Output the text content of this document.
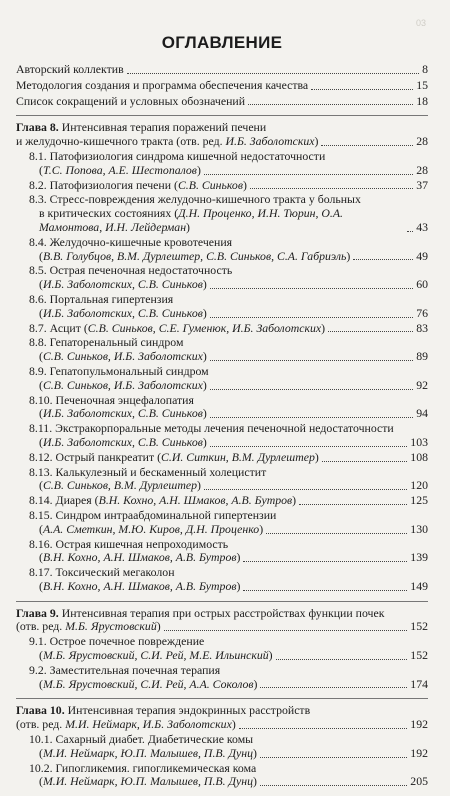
03
ОГЛАВЛЕНИЕ
Авторский коллектив	8
Методология создания и программа обеспечения качества	15
Список сокращений и условных обозначений	18
Глава 8. Интенсивная терапия поражений печени
и желудочно-кишечного тракта (отв. ред. И.Б. Заболотских)	28
8.1. Патофизиология синдрома кишечной недостаточности
(Т.С. Попова, А.Е. Шестопалов)	28
8.2. Патофизиология печени (С.В. Синьков)	37
8.3. Стресс-повреждения желудочно-кишечного тракта у больных
в критических состояниях (Д.Н. Проценко, И.Н. Тюрин, О.А. Мамонтова, И.Н. Лейдерман)	43
8.4. Желудочно-кишечные кровотечения
(В.В. Голубцов, В.М. Дурлештер, С.В. Синьков, С.А. Габриэль)	49
8.5. Острая печеночная недостаточность
(И.Б. Заболотских, С.В. Синьков)	60
8.6. Портальная гипертензия
(И.Б. Заболотских, С.В. Синьков)	76
8.7. Асцит (С.В. Синьков, С.Е. Гуменюк, И.Б. Заболотских)	83
8.8. Гепаторенальный синдром
(С.В. Синьков, И.Б. Заболотских)	89
8.9. Гепатопульмональный синдром
(С.В. Синьков, И.Б. Заболотских)	92
8.10. Печеночная энцефалопатия
(И.Б. Заболотских, С.В. Синьков)	94
8.11. Экстракорпоральные методы лечения печеночной недостаточности
(И.Б. Заболотских, С.В. Синьков)	103
8.12. Острый панкреатит (С.И. Ситкин, В.М. Дурлештер)	108
8.13. Калькулезный и бескаменный холецистит
(С.В. Синьков, В.М. Дурлештер)	120
8.14. Диарея (В.Н. Кохно, А.Н. Шмаков, А.В. Бутров)	125
8.15. Синдром интраабдоминальной гипертензии
(А.А. Сметкин, М.Ю. Киров, Д.Н. Проценко)	130
8.16. Острая кишечная непроходимость
(В.Н. Кохно, А.Н. Шмаков, А.В. Бутров)	139
8.17. Токсический мегаколон
(В.Н. Кохно, А.Н. Шмаков, А.В. Бутров)	149
Глава 9. Интенсивная терапия при острых расстройствах функции почек
(отв. ред. М.Б. Ярустовский)	152
9.1. Острое почечное повреждение
(М.Б. Ярустовский, С.И. Рей, М.Е. Ильинский)	152
9.2. Заместительная почечная терапия
(М.Б. Ярустовский, С.И. Рей, А.А. Соколов)	174
Глава 10. Интенсивная терапия эндокринных расстройств
(отв. ред. М.И. Неймарк, И.Б. Заболотских)	192
10.1. Сахарный диабет. Диабетические комы
(М.И. Неймарк, Ю.П. Малышев, П.В. Дунц)	192
10.2. Гипогликемия. гипогликемическая кома
(М.И. Неймарк, Ю.П. Малышев, П.В. Дунц)	205
